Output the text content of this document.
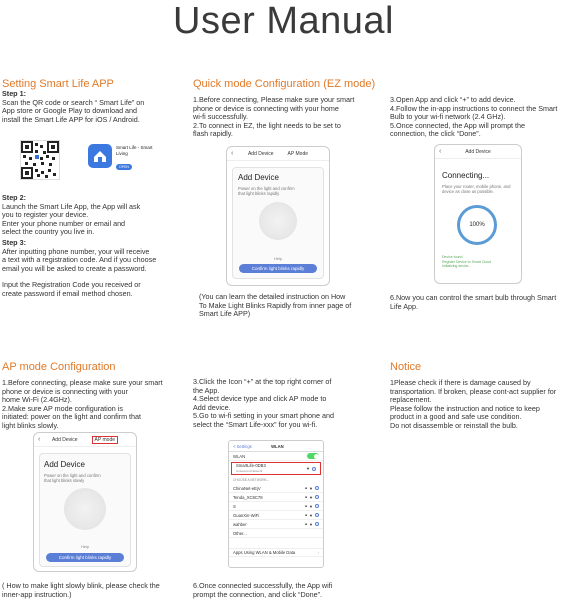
User Manual
Setting Smart Life APP
Step 1:
Scan the QR code or search “ Smart Life” on
App store or Google Play to download and
install the Smart Life APP for iOS / Android.
Smart Life - Smart
Living
OPEN
Step 2:
Launch the Smart Life App, the App will ask
you to register your device.
Enter your phone number or email and
select the country you live in.
Step 3:
After inputting phone number, your will receive
a text with a registration code. And if you choose
email you will be asked to create a password.
Input the Registration Code you received or
create password if email method chosen.
Quick mode Configuration (EZ mode)
1.Before connecting, Please make sure your smart
phone or device is connecting with your home
wi-fi successfully.
2.To connect in EZ, the light needs to be set to
flash rapidly.
‹	Add Device	AP Mode
Add Device
Power on the light and confirm that light blinks rapidly
Help
Confirm light blinks rapidly
(You can learn the detailed instruction on How
To Make Light Blinks Rapidly from inner page of
Smart Life APP)
3.Open App and click “+” to add device.
4.Follow the in-app instructions to connect the Smart
Bulb to your wi-fi network (2.4 GHz).
5.Once connected, the App will prompt the
connection, the click “Done”.
‹	Add Device
Connecting...
Place your router, mobile phone, and device as close as possible.
100%
Device found
Register Device to Smart Cloud
Initializing device...
6.Now you can control the smart bulb through Smart Life App.
AP mode Configuration
1.Before connecting, please make sure your smart
phone or device is connecting with your
home Wi-Fi (2.4GHz).
2.Make sure AP mode configuration is
initiated: power on the light and confirm that
light blinks slowly.
‹ Add Device	AP mode
Add Device
Power on the light and confirm that light blinks slowly
Help
Confirm light blinks rapidly
( How to make light slowly blink, please check the
inner-app instruction.)
3.Click the Icon “+” at the top right corner of
the App.
4.Select device type and click AP mode to
Add device.
5.Go to wi-fi setting in your smart phone and
select the “Smart Life-xxx” for you wi-fi.
< Settings	WLAN
WLAN
SmartLife-0DB3
Unsecured Network	▼
CHOOSE A NETWORK...
ChinaNet-eEjV	■ ▼
Tenda_XC8C78	■ ▼
S	■ ▼
GuanXin-WiFi	■ ▼
wahber	■ ▼
Other...
Apps Using WLAN & Mobile Data	›
6.Once connected successfully, the App wifi
prompt the connection, and click “Done”.
Notice
1Please check if there is damage caused by
transportation. If broken, please cont-act supplier for
replacement.
Please follow the instruction and notice to keep
product in a good and safe use condition.
Do not disassemble or reinstall the bulb.
